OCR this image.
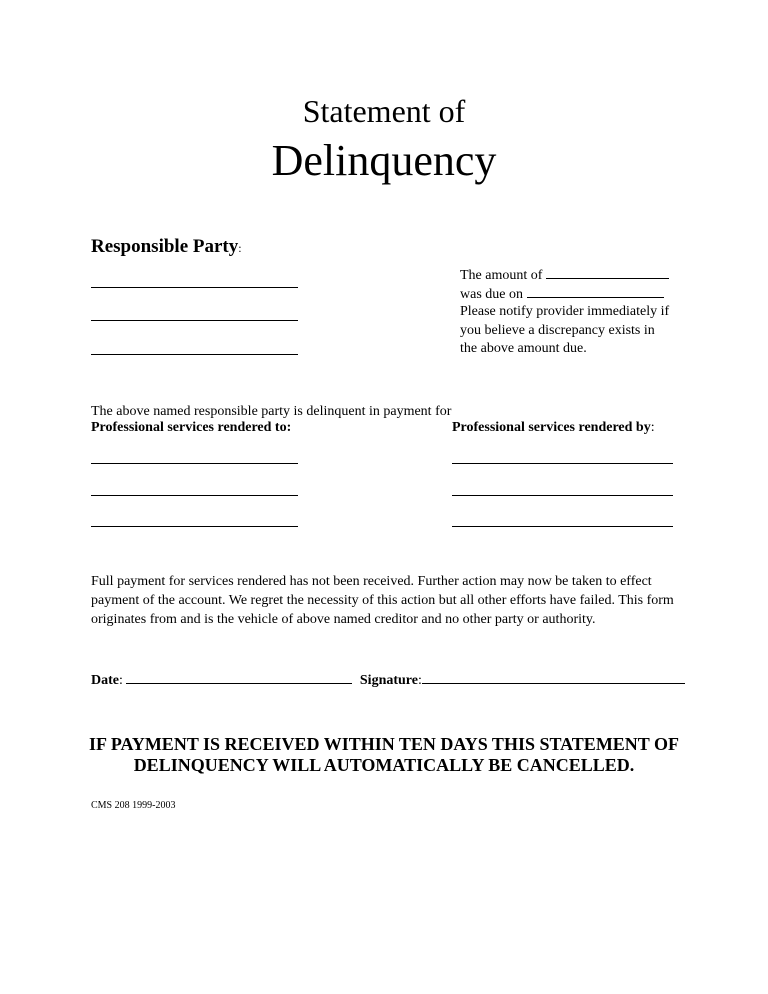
Statement of
Delinquency
Responsible Party:
The amount of
was due on
Please notify provider immediately if
you believe a discrepancy exists in
the above amount due.
The above named responsible party is delinquent in payment for
Professional services rendered to:	Professional services rendered by:
Full payment for services rendered has not been received. Further action may now be taken to effect payment of the account. We regret the necessity of this action but all other efforts have failed. This form originates from and is the vehicle of above named creditor and no other party or authority.
Date:	Signature:
IF PAYMENT IS RECEIVED WITHIN TEN DAYS THIS STATEMENT OF
DELINQUENCY WILL AUTOMATICALLY BE CANCELLED.
CMS 208 1999-2003
